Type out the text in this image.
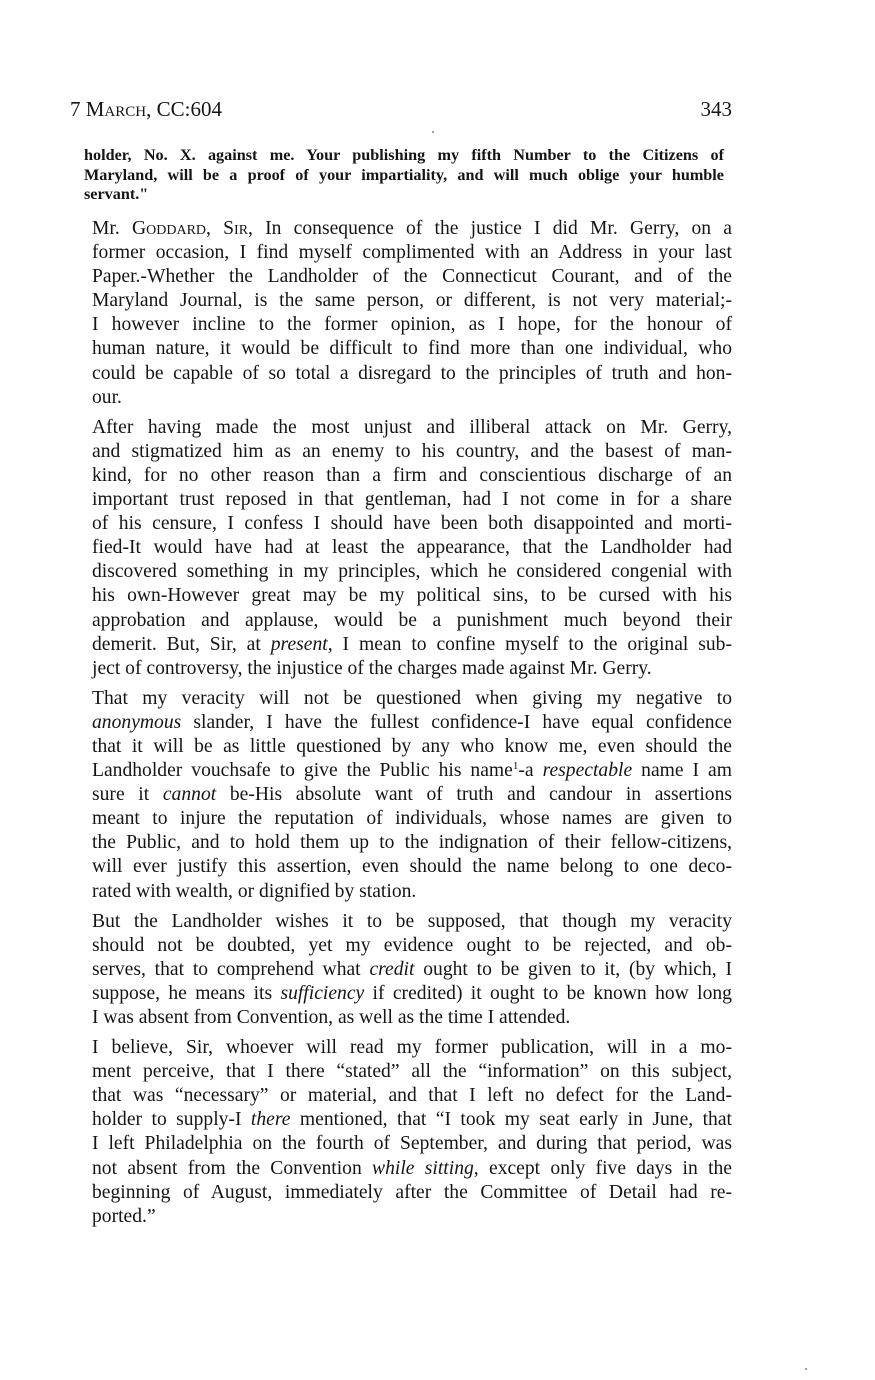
7 March, CC:604	343
holder, No. X. against me. Your publishing my fifth Number to the Citizens of
Maryland, will be a proof of your impartiality, and will much oblige your humble
servant."
Mr. Goddard, Sir, In consequence of the justice I did Mr. Gerry, on a
former occasion, I find myself complimented with an Address in your last
Paper.-Whether the Landholder of the Connecticut Courant, and of the
Maryland Journal, is the same person, or different, is not very material;-
I however incline to the former opinion, as I hope, for the honour of
human nature, it would be difficult to find more than one individual, who
could be capable of so total a disregard to the principles of truth and hon-
our.
After having made the most unjust and illiberal attack on Mr. Gerry,
and stigmatized him as an enemy to his country, and the basest of man-
kind, for no other reason than a firm and conscientious discharge of an
important trust reposed in that gentleman, had I not come in for a share
of his censure, I confess I should have been both disappointed and morti-
fied-It would have had at least the appearance, that the Landholder had
discovered something in my principles, which he considered congenial with
his own-However great may be my political sins, to be cursed with his
approbation and applause, would be a punishment much beyond their
demerit. But, Sir, at present, I mean to confine myself to the original sub-
ject of controversy, the injustice of the charges made against Mr. Gerry.
That my veracity will not be questioned when giving my negative to
anonymous slander, I have the fullest confidence-I have equal confidence
that it will be as little questioned by any who know me, even should the
Landholder vouchsafe to give the Public his name$^1$-a respectable name I am
sure it cannot be-His absolute want of truth and candour in assertions
meant to injure the reputation of individuals, whose names are given to
the Public, and to hold them up to the indignation of their fellow-citizens,
will ever justify this assertion, even should the name belong to one deco-
rated with wealth, or dignified by station.
But the Landholder wishes it to be supposed, that though my veracity
should not be doubted, yet my evidence ought to be rejected, and ob-
serves, that to comprehend what credit ought to be given to it, (by which, I
suppose, he means its sufficiency if credited) it ought to be known how long
I was absent from Convention, as well as the time I attended.
I believe, Sir, whoever will read my former publication, will in a mo-
ment perceive, that I there “stated” all the “information” on this subject,
that was “necessary” or material, and that I left no defect for the Land-
holder to supply-I there mentioned, that “I took my seat early in June, that
I left Philadelphia on the fourth of September, and during that period, was
not absent from the Convention while sitting, except only five days in the
beginning of August, immediately after the Committee of Detail had re-
ported.”
